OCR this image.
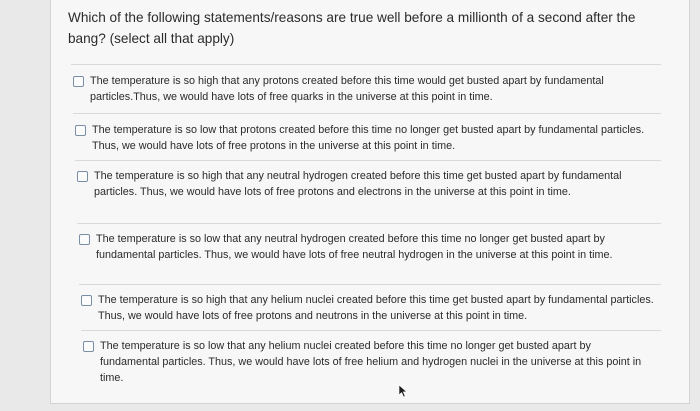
Which of the following statements/reasons are true well before a millionth of a second after the bang? (select all that apply)
The temperature is so high that any protons created before this time would get busted apart by fundamental particles.Thus, we would have lots of free quarks in the universe at this point in time.
The temperature is so low that protons created before this time no longer get busted apart by fundamental particles. Thus, we would have lots of free protons in the universe at this point in time.
The temperature is so high that any neutral hydrogen created before this time get busted apart by fundamental particles. Thus, we would have lots of free protons and electrons in the universe at this point in time.
The temperature is so low that any neutral hydrogen created before this time no longer get busted apart by fundamental particles. Thus, we would have lots of free neutral hydrogen in the universe at this point in time.
The temperature is so high that any helium nuclei created before this time get busted apart by fundamental particles. Thus, we would have lots of free protons and neutrons in the universe at this point in time.
The temperature is so low that any helium nuclei created before this time no longer get busted apart by fundamental particles. Thus, we would have lots of free helium and hydrogen nuclei in the universe at this point in time.
